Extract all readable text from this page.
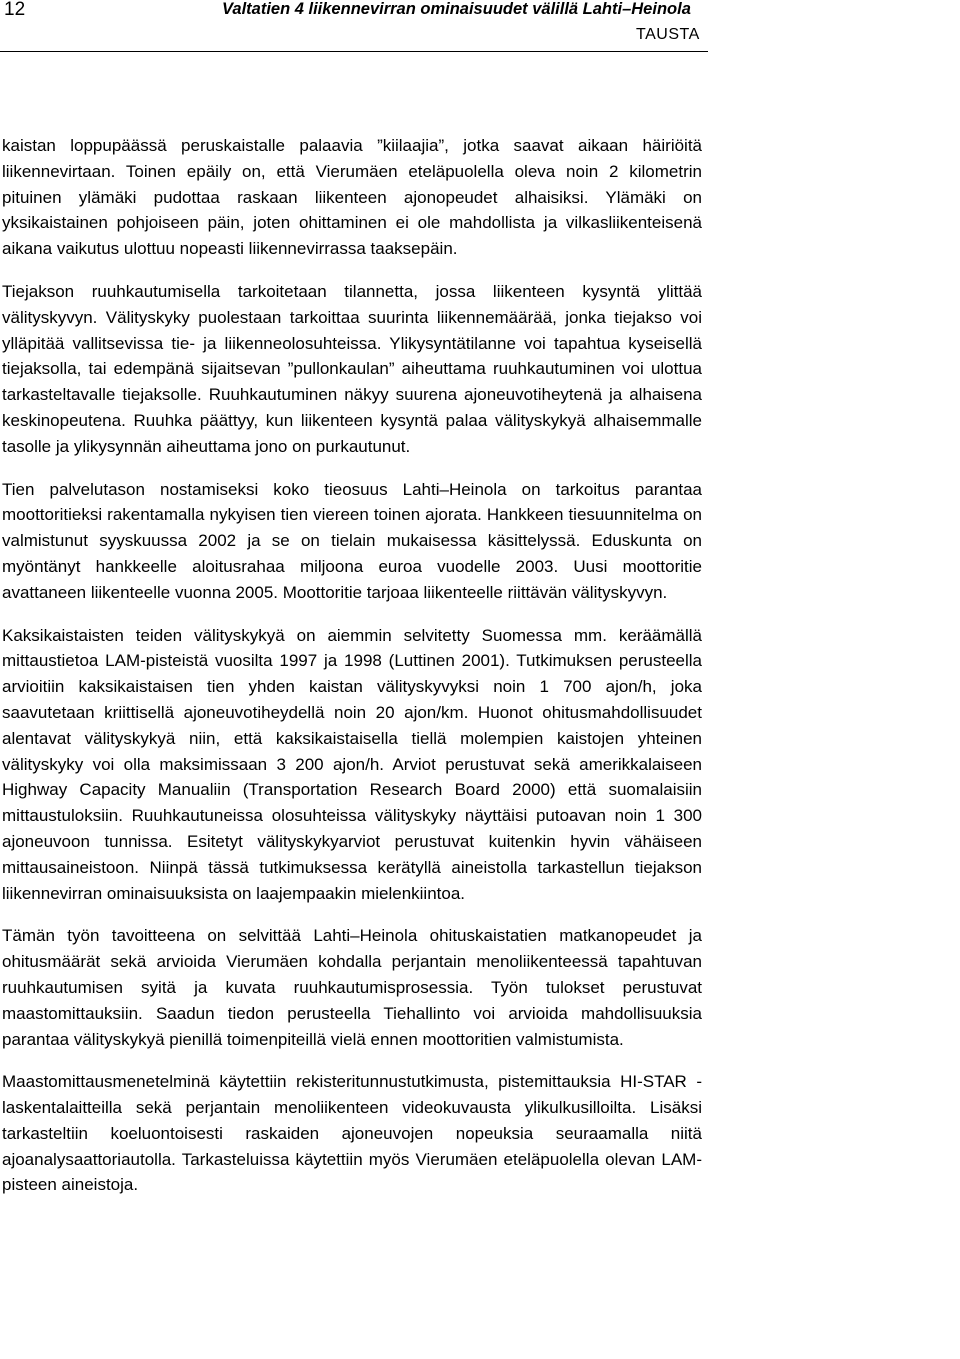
12	Valtatien 4 liikennevirran ominaisuudet välillä Lahti–Heinola
TAUSTA

kaistan loppupäässä peruskaistalle palaavia ”kiilaajia”, jotka saavat aikaan häiriöitä liikennevirtaan. Toinen epäily on, että Vierumäen eteläpuolella oleva noin 2 kilometrin pituinen ylämäki pudottaa raskaan liikenteen ajonopeudet alhaisiksi. Ylämäki on yksikaistainen pohjoiseen päin, joten ohittaminen ei ole mahdollista ja vilkasliikenteisenä aikana vaikutus ulottuu nopeasti liikennevirrassa taaksepäin.

Tiejakson ruuhkautumisella tarkoitetaan tilannetta, jossa liikenteen kysyntä ylittää välityskyvyn. Välityskyky puolestaan tarkoittaa suurinta liikennemäärää, jonka tiejakso voi ylläpitää vallitsevissa tie- ja liikenneolosuhteissa. Ylikysyntätilanne voi tapahtua kyseisellä tiejaksolla, tai edempänä sijaitsevan ”pullonkaulan” aiheuttama ruuhkautuminen voi ulottua tarkasteltavalle tiejaksolle. Ruuhkautuminen näkyy suurena ajoneuvotiheytenä ja alhaisena keskinopeutena. Ruuhka päättyy, kun liikenteen kysyntä palaa välityskykyä alhaisemmalle tasolle ja ylikysynnän aiheuttama jono on purkautunut.

Tien palvelutason nostamiseksi koko tieosuus Lahti–Heinola on tarkoitus parantaa moottoritieksi rakentamalla nykyisen tien viereen toinen ajorata. Hankkeen tiesuunnitelma on valmistunut syyskuussa 2002 ja se on tielain mukaisessa käsittelyssä. Eduskunta on myöntänyt hankkeelle aloitusrahaa miljoona euroa vuodelle 2003. Uusi moottoritie avattaneen liikenteelle vuonna 2005. Moottoritie tarjoaa liikenteelle riittävän välityskyvyn.

Kaksikaistaisten teiden välityskykyä on aiemmin selvitetty Suomessa mm. keräämällä mittaustietoa LAM-pisteistä vuosilta 1997 ja 1998 (Luttinen 2001). Tutkimuksen perusteella arvioitiin kaksikaistaisen tien yhden kaistan välityskyvyksi noin 1 700 ajon/h, joka saavutetaan kriittisellä ajoneuvotiheydellä noin 20 ajon/km. Huonot ohitusmahdollisuudet alentavat välityskykyä niin, että kaksikaistaisella tiellä molempien kaistojen yhteinen välityskyky voi olla maksimissaan 3 200 ajon/h. Arviot perustuvat sekä amerikkalaiseen Highway Capacity Manualiin (Transportation Research Board 2000) että suomalaisiin mittaustuloksiin. Ruuhkautuneissa olosuhteissa välityskyky näyttäisi putoavan noin 1 300 ajoneuvoon tunnissa. Esitetyt välityskykyarviot perustuvat kuitenkin hyvin vähäiseen mittausaineistoon. Niinpä tässä tutkimuksessa kerätyllä aineistolla tarkastellun tiejakson liikennevirran ominaisuuksista on laajempaakin mielenkiintoa.

Tämän työn tavoitteena on selvittää Lahti–Heinola ohituskaistatien matkanopeudet ja ohitusmäärät sekä arvioida Vierumäen kohdalla perjantain menoliikenteessä tapahtuvan ruuhkautumisen syitä ja kuvata ruuhkautumisprosessia. Työn tulokset perustuvat maastomittauksiin. Saadun tiedon perusteella Tiehallinto voi arvioida mahdollisuuksia parantaa välityskykyä pienillä toimenpiteillä vielä ennen moottoritien valmistumista.

Maastomittausmenetelminä käytettiin rekisteritunnustutkimusta, pistemittauksia HI-STAR -laskentalaitteilla sekä perjantain menoliikenteen videokuvausta ylikulkusilloilta. Lisäksi tarkasteltiin koeluontoisesti raskaiden ajoneuvojen nopeuksia seuraamalla niitä ajoanalysaattoriautolla. Tarkasteluissa käytettiin myös Vierumäen eteläpuolella olevan LAM-pisteen aineistoja.
